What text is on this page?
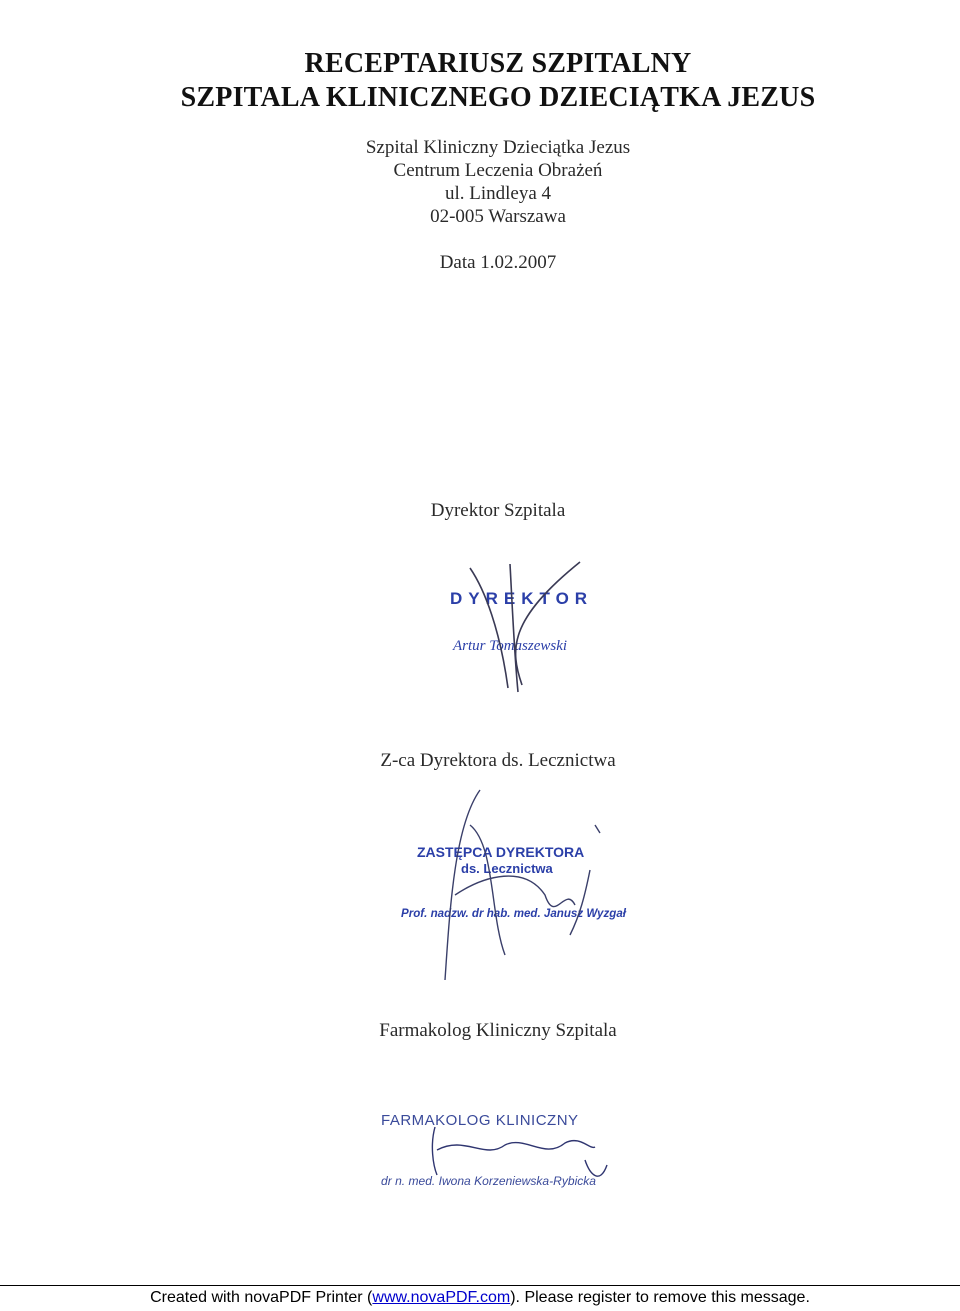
RECEPTARIUSZ SZPITALNY
SZPITALA KLINICZNEGO DZIECIĄTKA JEZUS
Szpital Kliniczny Dzieciątka Jezus
Centrum Leczenia Obrażeń
ul. Lindleya 4
02-005 Warszawa
Data 1.02.2007
Dyrektor Szpitala
DYREKTOR
Artur Tomaszewski
Z-ca Dyrektora ds. Lecznictwa
ZASTĘPCA DYREKTORA
ds. Lecznictwa
Prof. nadzw. dr hab. med. Janusz Wyzgał
Farmakolog Kliniczny Szpitala
FARMAKOLOG KLINICZNY
dr n. med. Iwona Korzeniewska-Rybicka
Created with novaPDF Printer (www.novaPDF.com). Please register to remove this message.
